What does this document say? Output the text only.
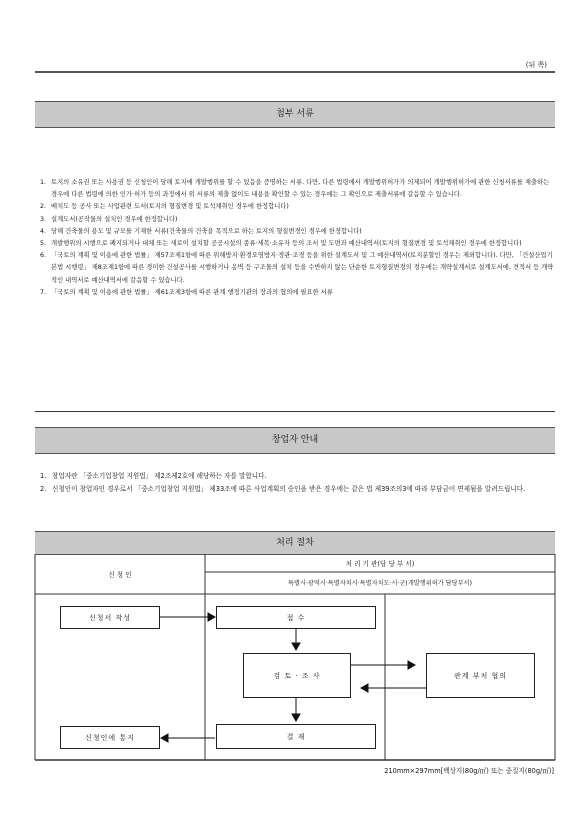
(뒤 쪽)
첨부 서류
1. 토지의 소유권 또는 사용권 등 신청인이 당해 토지에 개발행위를 할 수 있음을 증명하는 서류. 다만, 다른 법령에서 개발행위허가가 의제되어 개발행위허가에 관한 신청서류를 제출하는 경우에 다른 법령에 의한 인가·허가 등의 과정에서 위 서류의 제출 없이도 내용을 확인할 수 있는 경우에는 그 확인으로 제출서류에 갈음할 수 있습니다.
2. 배치도 등 공사 또는 사업관련 도서(토지의 형질변경 및 토석채취인 경우에 한정합니다)
3. 설계도서(공작물의 설치인 경우에 한정합니다)
4. 당해 건축물의 용도 및 규모를 기재한 서류(건축물의 건축을 목적으로 하는 토지의 형질변경인 경우에 한정합니다)
5. 개발행위의 시행으로 폐지되거나 대체 또는 새로이 설치할 공공시설의 종류·세목·소유자 등의 조서 및 도면과 예산내역서(토지의 형질변경 및 토석채취인 경우에 한정합니다)
6. 「국토의 계획 및 이용에 관한 법률」 제57조제1항에 따른 위해방지·환경오염방지·경관·조경 등을 위한 설계도서 및 그 예산내역서(토지분할인 경우는 제외합니다). 다만, 「건설산업기본법 시행령」 제8조제1항에 따른 경미한 건설공사를 시행하거나 옹벽 등 구조물의 설치 등을 수반하지 않는 단순한 토지형질변경의 경우에는 개략설계서로 설계도서에, 견적서 등 개략적인 내역서로 예산내역서에 갈음할 수 있습니다.
7. 「국토의 계획 및 이용에 관한 법률」 제61조제3항에 따른 관계 행정기관의 장과의 협의에 필요한 서류
창업자 안내
1. 창업자란 「중소기업창업 지원법」 제2조제2호에 해당하는 자를 말합니다.
2. 신청인이 창업자인 경우로서 「중소기업창업 지원법」 제33조에 따른 사업계획의 승인을 받은 경우에는 같은 법 제39조의3에 따라 부담금이 면제됨을 알려드립니다.
처리 절차
신 청 인
처 리 기 관(담 당 부 서)
특별시·광역시·특별자치시·특별자치도·시·군(개발행위허가 담당부서)
신청서 작성	접 수
검 토 · 조 사	관계 부처 협의
결 재
신청인에 통지
210mm×297mm[백상지(80g/㎡) 또는 중질지(80g/㎡)]
